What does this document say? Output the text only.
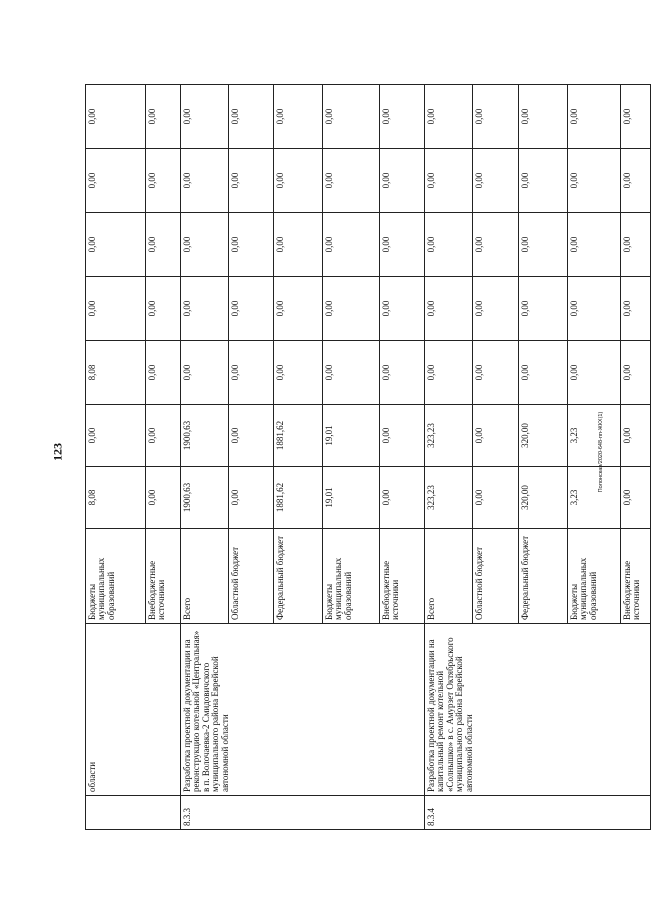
123	Полонская/2020-648-пп-ЖКХ(1)
	области	Бюджеты муниципальных образований	8,08	0,00	8,08	0,00	0,00	0,00	0,00
		Внебюджетные источники	0,00	0,00	0,00	0,00	0,00	0,00	0,00
8.3.3	Разработка проектной документации на реконструкцию котельной «Центральная» в п. Волочаевка-2 Смидовичского муниципального района Еврейской автономной области	Всего	1900,63	1900,63	0,00	0,00	0,00	0,00	0,00
		Областной бюджет	0,00	0,00	0,00	0,00	0,00	0,00	0,00
		Федеральный бюджет	1881,62	1881,62	0,00	0,00	0,00	0,00	0,00
		Бюджеты муниципальных образований	19,01	19,01	0,00	0,00	0,00	0,00	0,00
		Внебюджетные источники	0,00	0,00	0,00	0,00	0,00	0,00	0,00
8.3.4	Разработка проектной документации на капитальный ремонт котельной «Солнышко» в с. Амурзет Октябрьского муниципального района Еврейской автономной области	Всего	323,23	323,23	0,00	0,00	0,00	0,00	0,00
		Областной бюджет	0,00	0,00	0,00	0,00	0,00	0,00	0,00
		Федеральный бюджет	320,00	320,00	0,00	0,00	0,00	0,00	0,00
		Бюджеты муниципальных образований	3,23	3,23	0,00	0,00	0,00	0,00	0,00
		Внебюджетные источники	0,00	0,00	0,00	0,00	0,00	0,00	0,00
